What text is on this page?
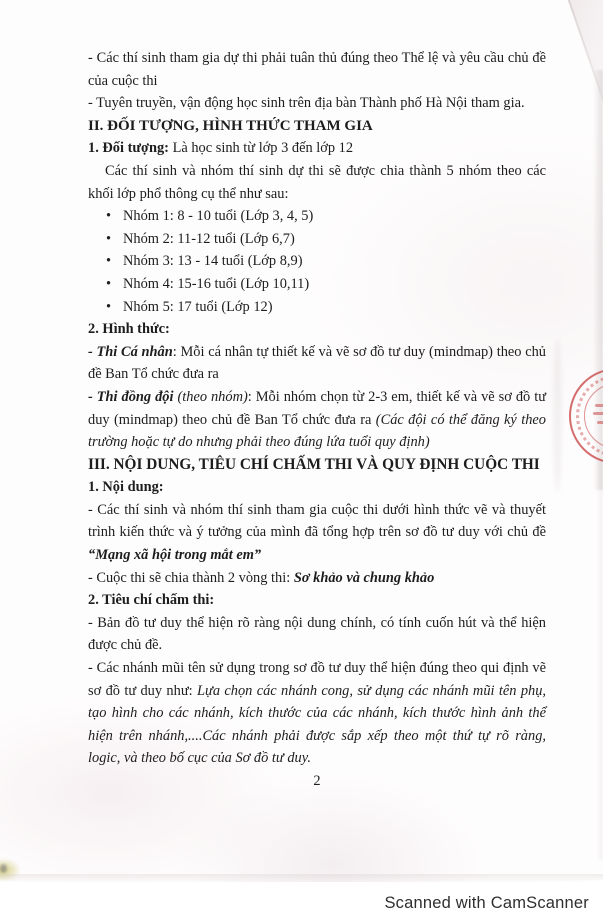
- Các thí sinh tham gia dự thi phải tuân thủ đúng theo Thể lệ và yêu cầu chủ đề của cuộc thi

- Tuyên truyền, vận động học sinh trên địa bàn Thành phố Hà Nội tham gia.

II. ĐỐI TƯỢNG, HÌNH THỨC THAM GIA

1. Đối tượng: Là học sinh từ lớp 3 đến lớp 12

Các thí sinh và nhóm thí sinh dự thi sẽ được chia thành 5 nhóm theo các khối lớp phổ thông cụ thể như sau:

• Nhóm 1: 8 - 10 tuổi (Lớp 3, 4, 5)
• Nhóm 2: 11-12 tuổi (Lớp 6,7)
• Nhóm 3: 13 - 14 tuổi (Lớp 8,9)
• Nhóm 4: 15-16 tuổi (Lớp 10,11)
• Nhóm 5: 17 tuổi (Lớp 12)

2. Hình thức:

- Thi Cá nhân: Mỗi cá nhân tự thiết kế và vẽ sơ đồ tư duy (mindmap) theo chủ đề Ban Tổ chức đưa ra

- Thi đồng đội (theo nhóm): Mỗi nhóm chọn từ 2-3 em, thiết kế và vẽ sơ đồ tư duy (mindmap) theo chủ đề Ban Tổ chức đưa ra (Các đội có thể đăng ký theo trường hoặc tự do nhưng phải theo đúng lứa tuổi quy định)

III. NỘI DUNG, TIÊU CHÍ CHẤM THI VÀ QUY ĐỊNH CUỘC THI

1. Nội dung:

- Các thí sinh và nhóm thí sinh tham gia cuộc thi dưới hình thức vẽ và thuyết trình kiến thức và ý tưởng của mình đã tổng hợp trên sơ đồ tư duy với chủ đề

“Mạng xã hội trong mắt em”

- Cuộc thi sẽ chia thành 2 vòng thi: Sơ khảo và chung khảo

2. Tiêu chí chấm thi:

- Bản đồ tư duy thể hiện rõ ràng nội dung chính, có tính cuốn hút và thể hiện được chủ đề.

- Các nhánh mũi tên sử dụng trong sơ đồ tư duy thể hiện đúng theo qui định vẽ sơ đồ tư duy như: Lựa chọn các nhánh cong, sử dụng các nhánh mũi tên phụ, tạo hình cho các nhánh, kích thước của các nhánh, kích thước hình ảnh thể hiện trên nhánh,....Các nhánh phải được sắp xếp theo một thứ tự rõ ràng, logic, và theo bố cục của Sơ đồ tư duy.

2

Scanned with CamScanner
